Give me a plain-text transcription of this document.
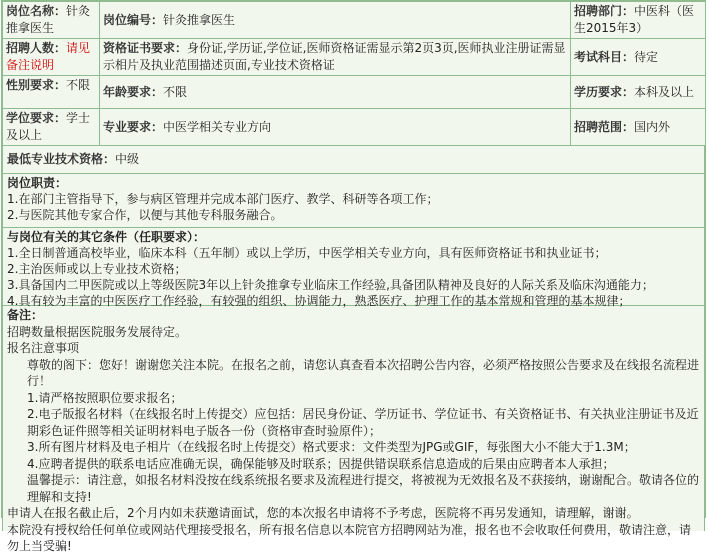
岗位名称：针灸推拿医生	岗位编号：针灸推拿医生	招聘部门：中医科（医生2015年3）
招聘人数：请见备注说明	资格证书要求：身份证,学历证,学位证,医师资格证需显示第2页3页,医师执业注册证需显示相片及执业范围描述页面,专业技术资格证	考试科目：待定
性别要求：不限	年龄要求：不限	学历要求：本科及以上
学位要求：学士及以上	专业要求：中医学相关专业方向	招聘范围：国内外
最低专业技术资格：中级
岗位职责：
1.在部门主管指导下，参与病区管理并完成本部门医疗、教学、科研等各项工作；
2.与医院其他专家合作，以便与其他专科服务融合。
与岗位有关的其它条件（任职要求）：
1.全日制普通高校毕业，临床本科（五年制）或以上学历，中医学相关专业方向，具有医师资格证书和执业证书；
2.主治医师或以上专业技术资格；
3.具备国内二甲医院或以上等级医院3年以上针灸推拿专业临床工作经验,具备团队精神及良好的人际关系及临床沟通能力；
4.具有较为丰富的中医医疗工作经验，有较强的组织、协调能力，熟悉医疗、护理工作的基本常规和管理的基本规律；
备注：
招聘数量根据医院服务发展待定。
报名注意事项
尊敬的阁下：您好！谢谢您关注本院。在报名之前，请您认真查看本次招聘公告内容，必须严格按照公告要求及在线报名流程进行！
1.请严格按照职位要求报名；
2.电子版报名材料（在线报名时上传提交）应包括：居民身份证、学历证书、学位证书、有关资格证书、有关执业注册证书及近期彩色证件照等相关证明材料电子版各一份（资格审查时验原件）；
3.所有图片材料及电子相片（在线报名时上传提交）格式要求：文件类型为JPG或GIF，每张图大小不能大于1.3M；
4.应聘者提供的联系电话应准确无误，确保能够及时联系；因提供错误联系信息造成的后果由应聘者本人承担；
温馨提示：请注意，如报名材料没按在线系统报名要求及流程进行提交，将被视为无效报名及不获接纳，谢谢配合。敬请各位的理解和支持!
申请人在报名截止后，2个月内如未获邀请面试，您的本次报名申请将不予考虑，医院将不再另发通知，请理解，谢谢。
本院没有授权给任何单位或网站代理接受报名，所有报名信息以本院官方招聘网站为准，报名也不会收取任何费用，敬请注意，请勿上当受骗!
